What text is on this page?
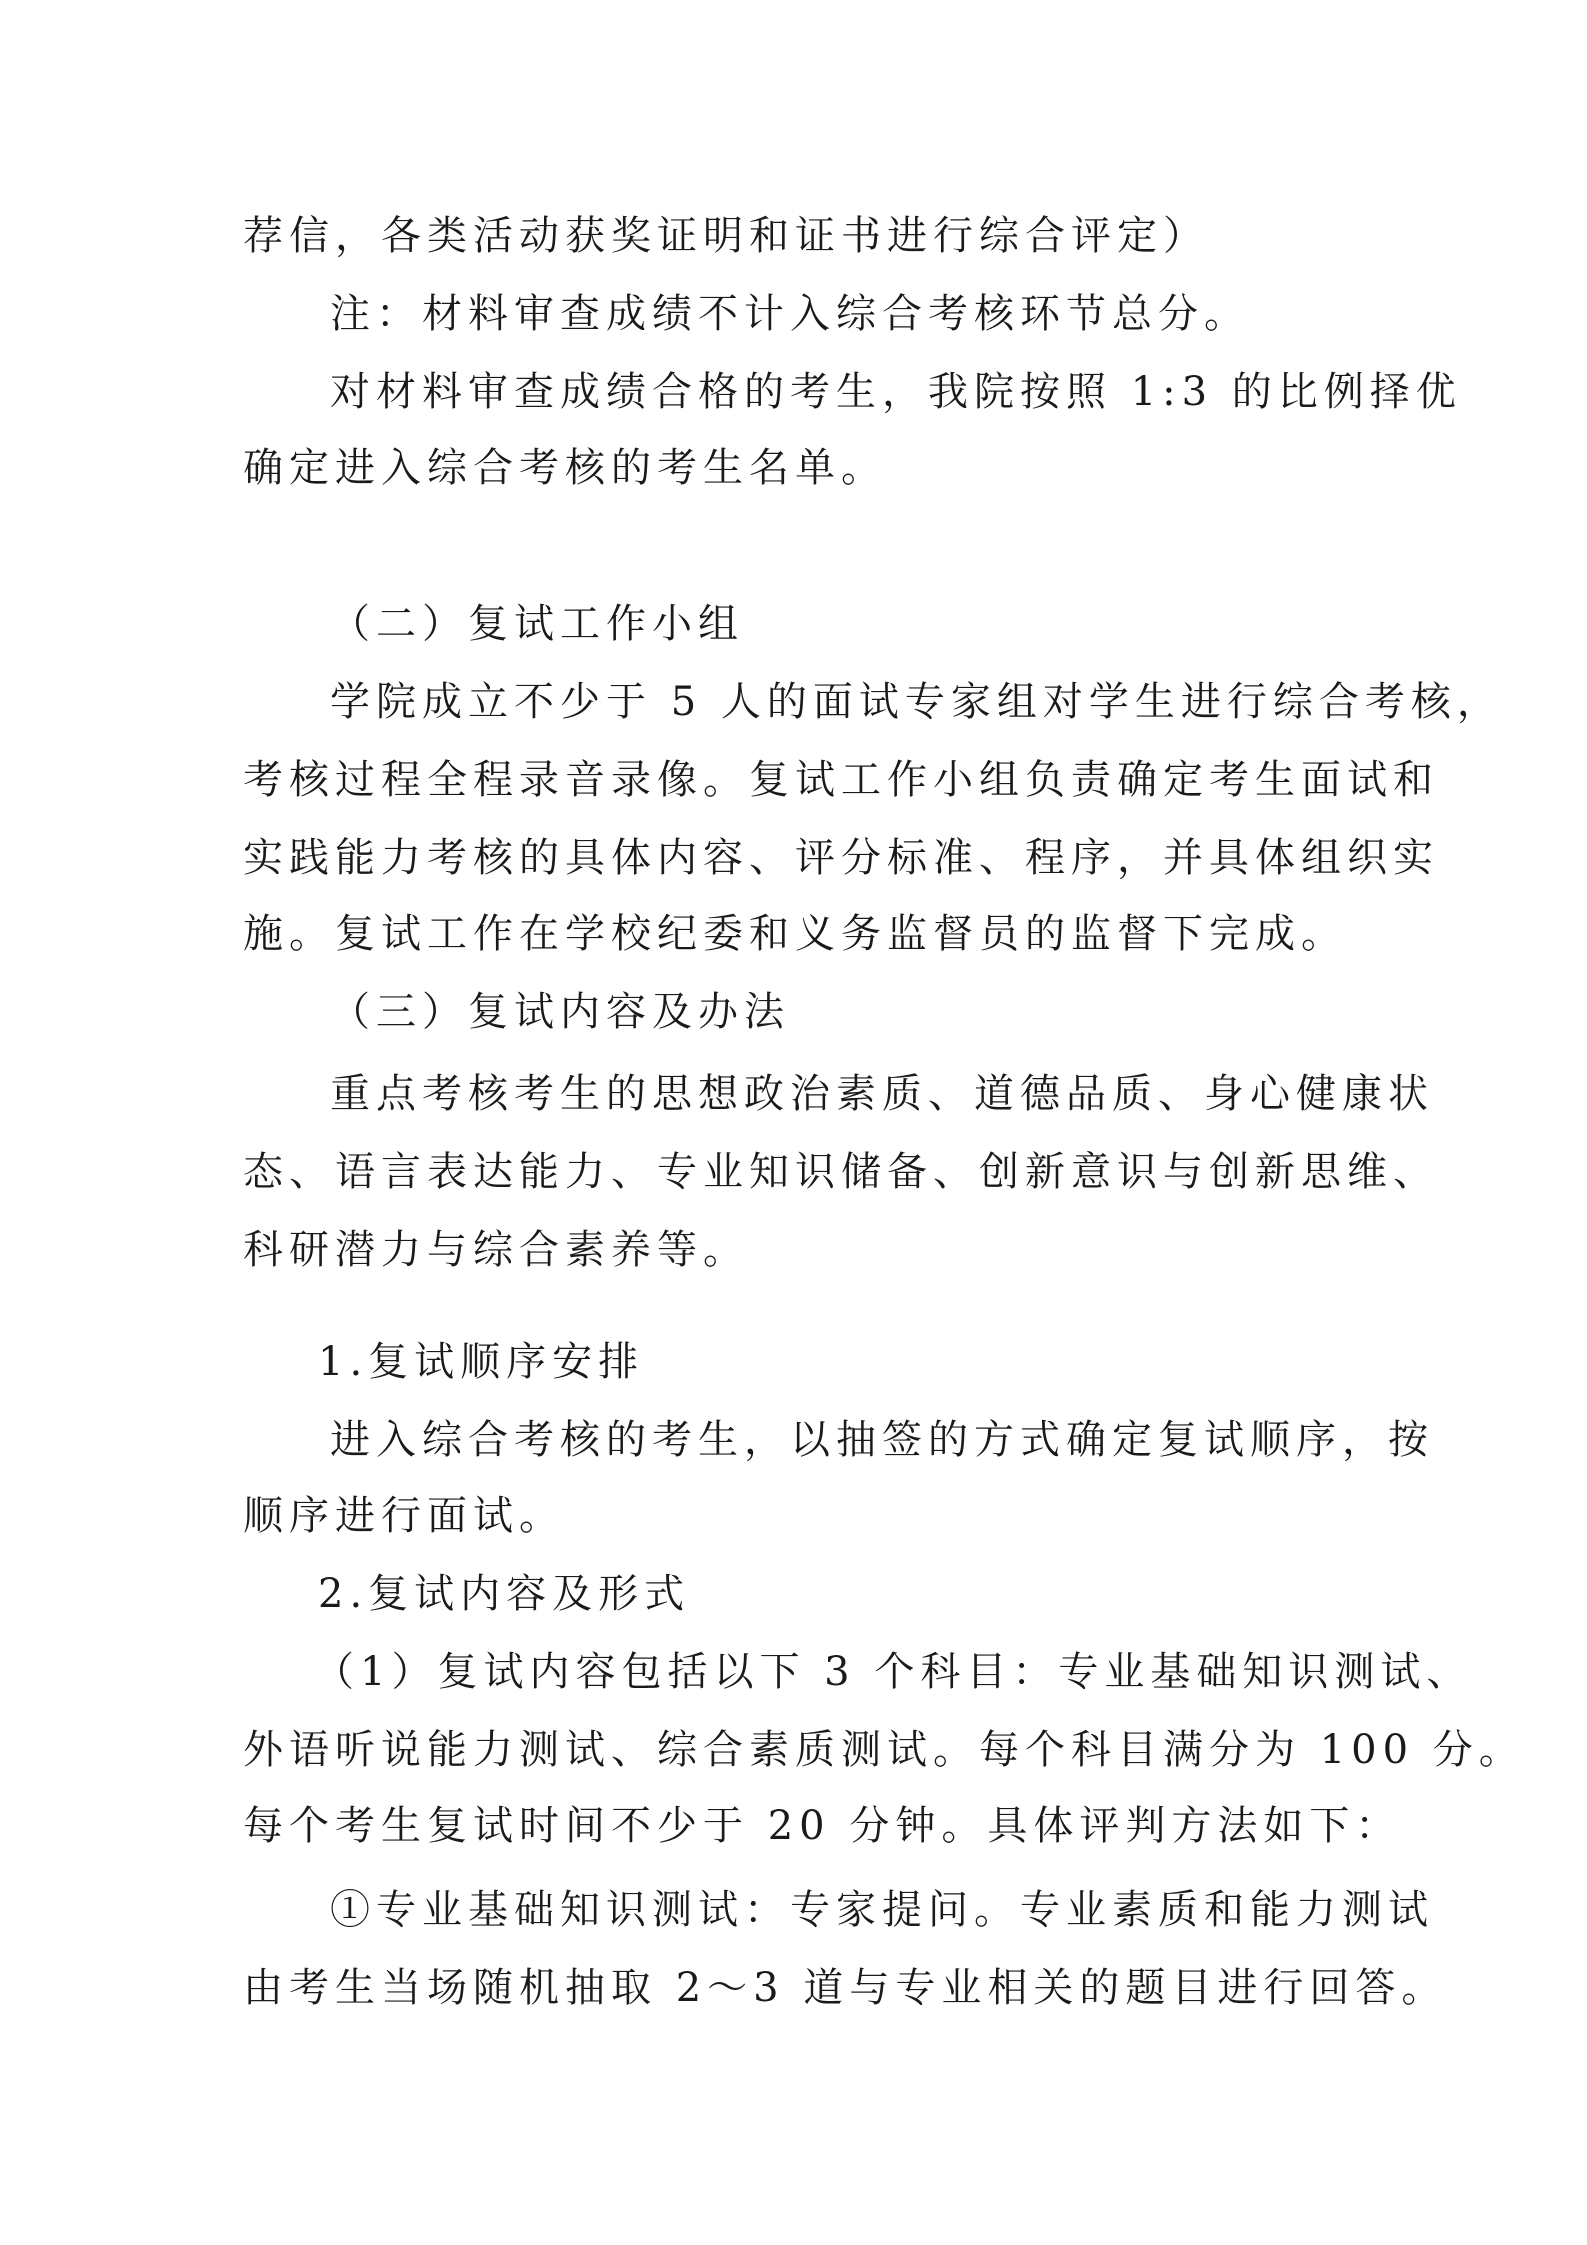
荐信，各类活动获奖证明和证书进行综合评定）

注：材料审查成绩不计入综合考核环节总分。

对材料审查成绩合格的考生，我院按照 1:3 的比例择优

确定进入综合考核的考生名单。

（二）复试工作小组

学院成立不少于 5 人的面试专家组对学生进行综合考核，

考核过程全程录音录像。复试工作小组负责确定考生面试和

实践能力考核的具体内容、评分标准、程序，并具体组织实

施。复试工作在学校纪委和义务监督员的监督下完成。

（三）复试内容及办法

重点考核考生的思想政治素质、道德品质、身心健康状

态、语言表达能力、专业知识储备、创新意识与创新思维、

科研潜力与综合素养等。

1.复试顺序安排

进入综合考核的考生，以抽签的方式确定复试顺序，按

顺序进行面试。

2.复试内容及形式

（1）复试内容包括以下 3 个科目：专业基础知识测试、

外语听说能力测试、综合素质测试。每个科目满分为 100 分。

每个考生复试时间不少于 20 分钟。具体评判方法如下：

①专业基础知识测试：专家提问。专业素质和能力测试

由考生当场随机抽取 2～3 道与专业相关的题目进行回答。
